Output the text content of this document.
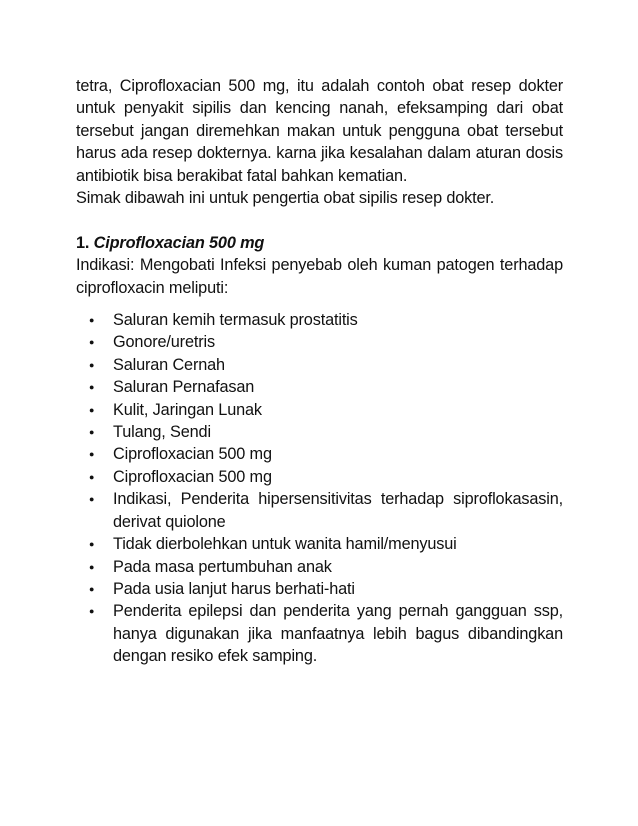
tetra, Ciprofloxacian 500 mg, itu adalah contoh obat resep dokter untuk penyakit sipilis dan kencing nanah, efeksamping dari obat tersebut jangan diremehkan makan untuk pengguna obat tersebut harus ada resep dokternya. karna jika kesalahan dalam aturan dosis antibiotik bisa berakibat fatal bahkan kematian.

Simak dibawah ini untuk pengertia obat sipilis resep dokter.

1. Ciprofloxacian 500 mg

Indikasi: Mengobati Infeksi penyebab oleh kuman patogen terhadap ciprofloxacin meliputi:

● Saluran kemih termasuk prostatitis
● Gonore/uretris
● Saluran Cernah
● Saluran Pernafasan
● Kulit, Jaringan Lunak
● Tulang, Sendi
● Ciprofloxacian 500 mg
● Ciprofloxacian 500 mg
● Indikasi, Penderita hipersensitivitas terhadap siproflokasasin, derivat quiolone
● Tidak dierbolehkan untuk wanita hamil/menyusui
● Pada masa pertumbuhan anak
● Pada usia lanjut harus berhati-hati
● Penderita epilepsi dan penderita yang pernah gangguan ssp, hanya digunakan jika manfaatnya lebih bagus dibandingkan dengan resiko efek samping.
